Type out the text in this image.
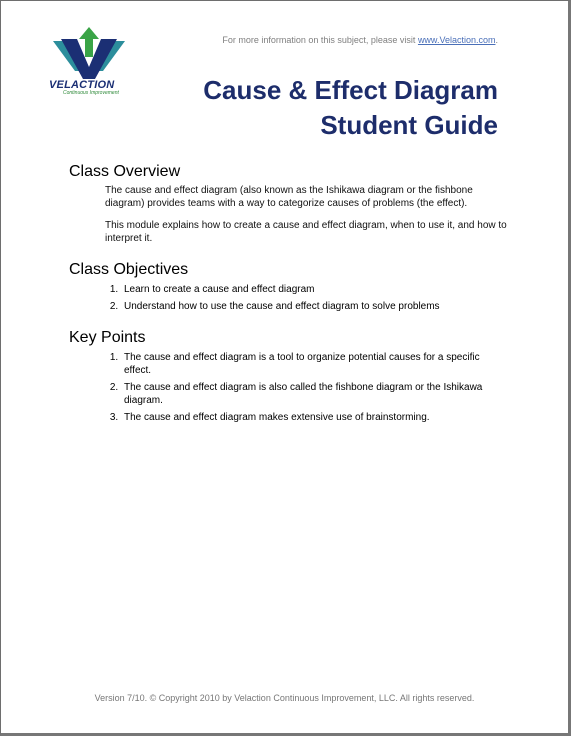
For more information on this subject, please visit www.Velaction.com.
VELACTION
Continuous Improvement	Cause & Effect Diagram
Student Guide
Class Overview

The cause and effect diagram (also known as the Ishikawa diagram or the fishbone diagram) provides teams with a way to categorize causes of problems (the effect).

This module explains how to create a cause and effect diagram, when to use it, and how to interpret it.

Class Objectives
1. Learn to create a cause and effect diagram
2. Understand how to use the cause and effect diagram to solve problems
Key Points
1. The cause and effect diagram is a tool to organize potential causes for a specific effect.
2. The cause and effect diagram is also called the fishbone diagram or the Ishikawa diagram.
3. The cause and effect diagram makes extensive use of brainstorming.
Version 7/10. © Copyright 2010 by Velaction Continuous Improvement, LLC. All rights reserved.
